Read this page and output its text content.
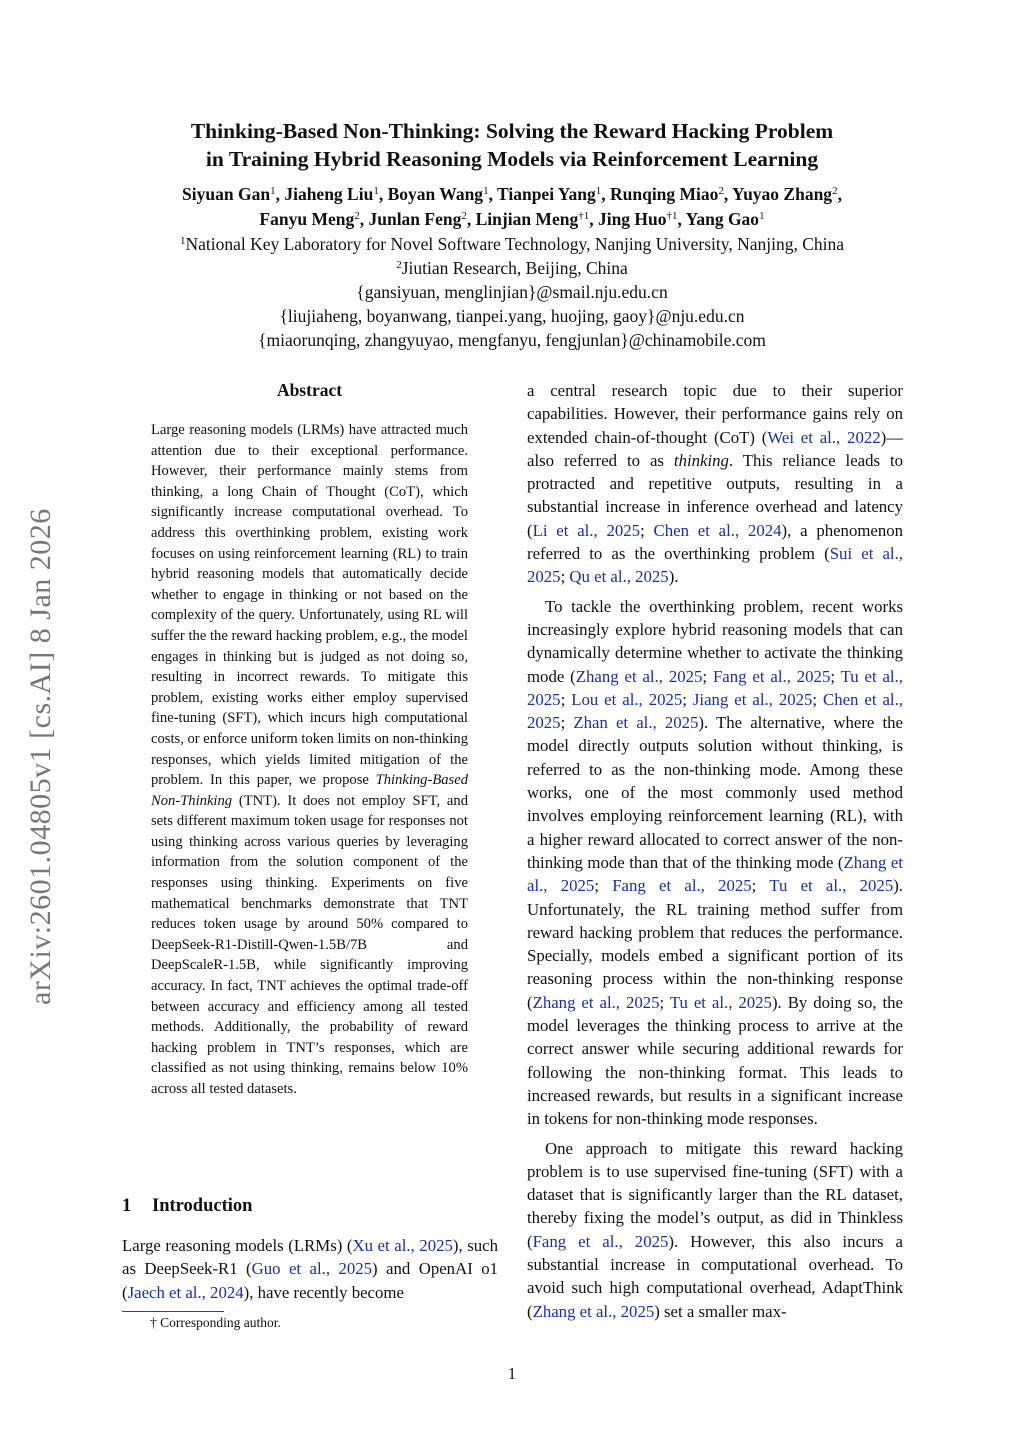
arXiv:2601.04805v1 [cs.AI] 8 Jan 2026
Thinking-Based Non-Thinking: Solving the Reward Hacking Problem
in Training Hybrid Reasoning Models via Reinforcement Learning
Siyuan Gan$^1$, Jiaheng Liu$^1$, Boyan Wang$^1$, Tianpei Yang$^1$, Runqing Miao$^2$, Yuyao Zhang$^2$,
Fanyu Meng$^2$, Junlan Feng$^2$, Linjian Meng$^{\dagger 1}$, Jing Huo$^{\dagger 1}$, Yang Gao$^1$
$^1$National Key Laboratory for Novel Software Technology, Nanjing University, Nanjing, China
$^2$Jiutian Research, Beijing, China
{gansiyuan, menglinjian}@smail.nju.edu.cn
{liujiaheng, boyanwang, tianpei.yang, huojing, gaoy}@nju.edu.cn
{miaorunqing, zhangyuyao, mengfanyu, fengjunlan}@chinamobile.com
Abstract
Large reasoning models (LRMs) have attracted much attention due to their exceptional performance. However, their performance mainly stems from thinking, a long Chain of Thought (CoT), which significantly increase computational overhead. To address this overthinking problem, existing work focuses on using reinforcement learning (RL) to train hybrid reasoning models that automatically decide whether to engage in thinking or not based on the complexity of the query. Unfortunately, using RL will suffer the the reward hacking problem, e.g., the model engages in thinking but is judged as not doing so, resulting in incorrect rewards. To mitigate this problem, existing works either employ supervised fine-tuning (SFT), which incurs high computational costs, or enforce uniform token limits on non-thinking responses, which yields limited mitigation of the problem. In this paper, we propose Thinking-Based Non-Thinking (TNT). It does not employ SFT, and sets different maximum token usage for responses not using thinking across various queries by leveraging information from the solution component of the responses using thinking. Experiments on five mathematical benchmarks demonstrate that TNT reduces token usage by around 50% compared to DeepSeek-R1-Distill-Qwen-1.5B/7B and DeepScaleR-1.5B, while significantly improving accuracy. In fact, TNT achieves the optimal trade-off between accuracy and efficiency among all tested methods. Additionally, the probability of reward hacking problem in TNT’s responses, which are classified as not using thinking, remains below 10% across all tested datasets.
1 Introduction
Large reasoning models (LRMs) (Xu et al., 2025), such as DeepSeek-R1 (Guo et al., 2025) and OpenAI o1 (Jaech et al., 2024), have recently become
† Corresponding author.

a central research topic due to their superior capabilities. However, their performance gains rely on extended chain-of-thought (CoT) (Wei et al., 2022)—also referred to as thinking. This reliance leads to protracted and repetitive outputs, resulting in a substantial increase in inference overhead and latency (Li et al., 2025; Chen et al., 2024), a phenomenon referred to as the overthinking problem (Sui et al., 2025; Qu et al., 2025).

To tackle the overthinking problem, recent works increasingly explore hybrid reasoning models that can dynamically determine whether to activate the thinking mode (Zhang et al., 2025; Fang et al., 2025; Tu et al., 2025; Lou et al., 2025; Jiang et al., 2025; Chen et al., 2025; Zhan et al., 2025). The alternative, where the model directly outputs solution without thinking, is referred to as the non-thinking mode. Among these works, one of the most commonly used method involves employing reinforcement learning (RL), with a higher reward allocated to correct answer of the non-thinking mode than that of the thinking mode (Zhang et al., 2025; Fang et al., 2025; Tu et al., 2025). Unfortunately, the RL training method suffer from reward hacking problem that reduces the performance. Specially, models embed a significant portion of its reasoning process within the non-thinking response (Zhang et al., 2025; Tu et al., 2025). By doing so, the model leverages the thinking process to arrive at the correct answer while securing additional rewards for following the non-thinking format. This leads to increased rewards, but results in a significant increase in tokens for non-thinking mode responses.

One approach to mitigate this reward hacking problem is to use supervised fine-tuning (SFT) with a dataset that is significantly larger than the RL dataset, thereby fixing the model’s output, as did in Thinkless (Fang et al., 2025). However, this also incurs a substantial increase in computational overhead. To avoid such high computational overhead, AdaptThink (Zhang et al., 2025) set a smaller max-

1
